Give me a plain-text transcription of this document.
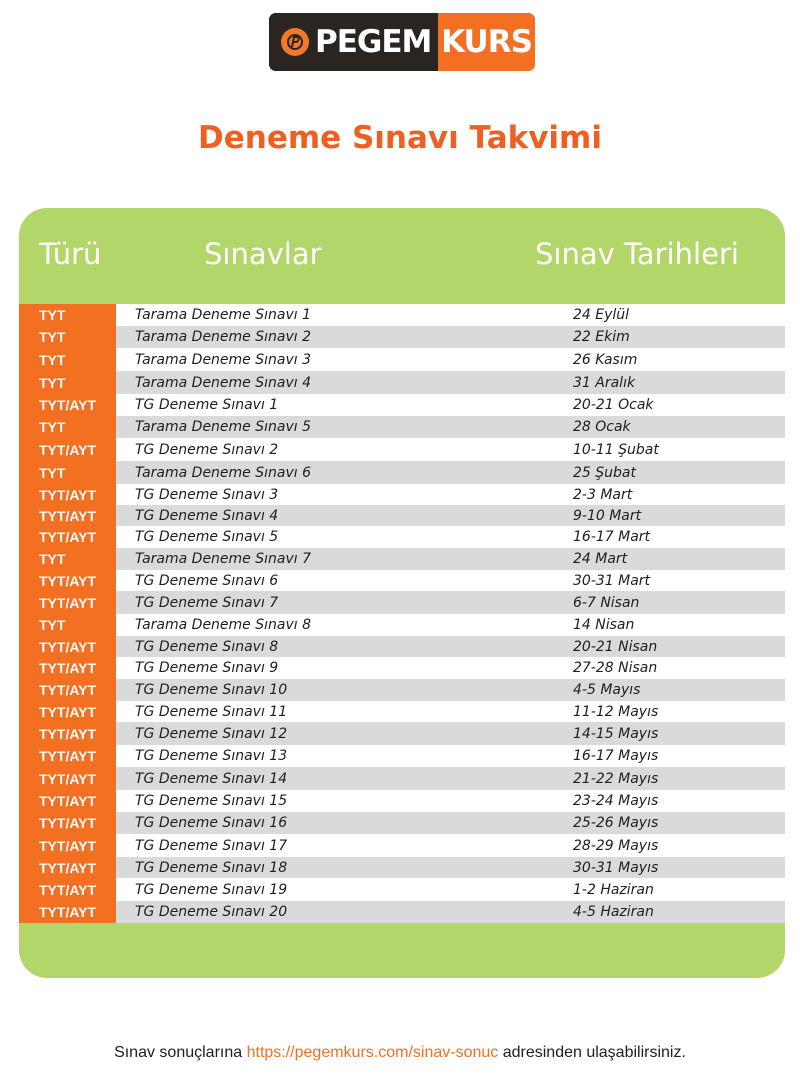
PEGEM KURS
Deneme Sınavı Takvimi
Türü	Sınavlar	Sınav Tarihleri
TYT	Tarama Deneme Sınavı 1	24 Eylül
TYT	Tarama Deneme Sınavı 2	22 Ekim
TYT	Tarama Deneme Sınavı 3	26 Kasım
TYT	Tarama Deneme Sınavı 4	31 Aralık
TYT/AYT	TG Deneme Sınavı 1	20-21 Ocak
TYT	Tarama Deneme Sınavı 5	28 Ocak
TYT/AYT	TG Deneme Sınavı 2	10-11 Şubat
TYT	Tarama Deneme Sınavı 6	25 Şubat
TYT/AYT	TG Deneme Sınavı 3	2-3 Mart
TYT/AYT	TG Deneme Sınavı 4	9-10 Mart
TYT/AYT	TG Deneme Sınavı 5	16-17 Mart
TYT	Tarama Deneme Sınavı 7	24 Mart
TYT/AYT	TG Deneme Sınavı 6	30-31 Mart
TYT/AYT	TG Deneme Sınavı 7	6-7 Nisan
TYT	Tarama Deneme Sınavı 8	14 Nisan
TYT/AYT	TG Deneme Sınavı 8	20-21 Nisan
TYT/AYT	TG Deneme Sınavı 9	27-28 Nisan
TYT/AYT	TG Deneme Sınavı 10	4-5 Mayıs
TYT/AYT	TG Deneme Sınavı 11	11-12 Mayıs
TYT/AYT	TG Deneme Sınavı 12	14-15 Mayıs
TYT/AYT	TG Deneme Sınavı 13	16-17 Mayıs
TYT/AYT	TG Deneme Sınavı 14	21-22 Mayıs
TYT/AYT	TG Deneme Sınavı 15	23-24 Mayıs
TYT/AYT	TG Deneme Sınavı 16	25-26 Mayıs
TYT/AYT	TG Deneme Sınavı 17	28-29 Mayıs
TYT/AYT	TG Deneme Sınavı 18	30-31 Mayıs
TYT/AYT	TG Deneme Sınavı 19	1-2 Haziran
TYT/AYT	TG Deneme Sınavı 20	4-5 Haziran
Sınav sonuçlarına https://pegemkurs.com/sinav-sonuc adresinden ulaşabilirsiniz.
